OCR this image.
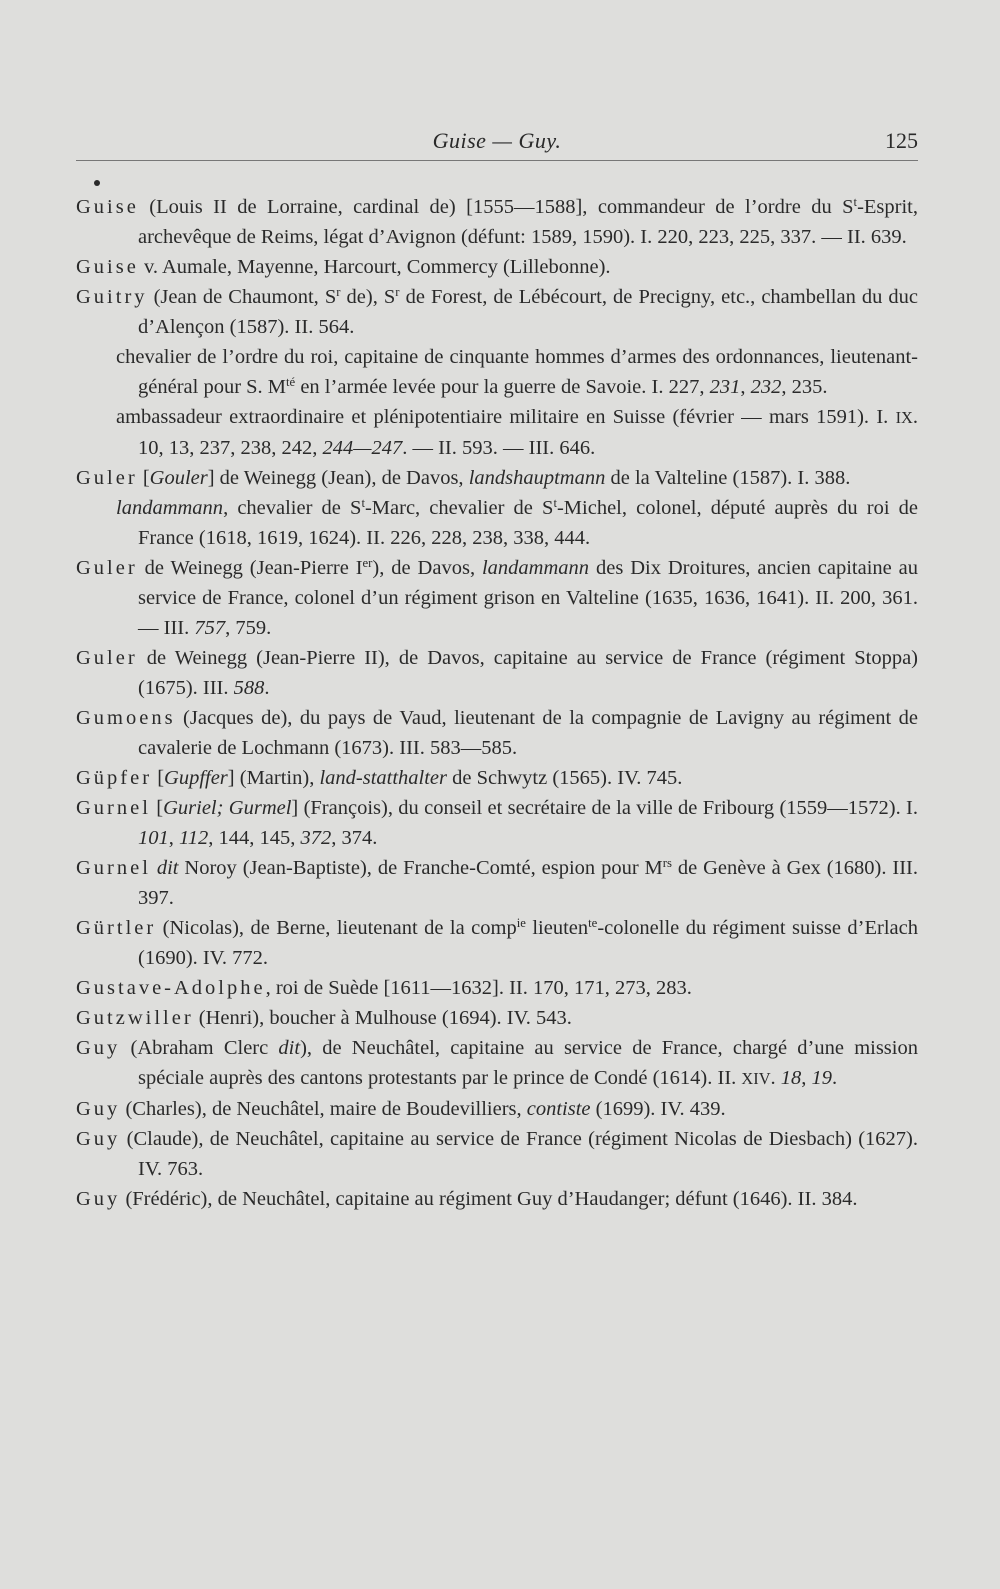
Guise — Guy.	125

Guise (Louis II de Lorraine, cardinal de) [1555—1588], commandeur de l’ordre du $S^t$-Esprit, archevêque de Reims, légat d’Avignon (défunt: 1589, 1590). I. 220, 223, 225, 337. — II. 639.

Guise v. Aumale, Mayenne, Harcourt, Commercy (Lillebonne).

Guitry (Jean de Chaumont, $S^r$ de), $S^r$ de Forest, de Lébécourt, de Precigny, etc., chambellan du duc d’Alençon (1587). II. 564.

chevalier de l’ordre du roi, capitaine de cinquante hommes d’armes des ordonnances, lieutenant-général pour S. $M^{té}$ en l’armée levée pour la guerre de Savoie. I. 227, 231, 232, 235.

ambassadeur extraordinaire et plénipotentiaire militaire en Suisse (février — mars 1591). I. IX. 10, 13, 237, 238, 242, 244—247. — II. 593. — III. 646.

Guler [Gouler] de Weinegg (Jean), de Davos, landshauptmann de la Valteline (1587). I. 388.

landammann, chevalier de $S^t$-Marc, chevalier de $S^t$-Michel, colonel, député auprès du roi de France (1618, 1619, 1624). II. 226, 228, 238, 338, 444.

Guler de Weinegg (Jean-Pierre Ier), de Davos, landammann des Dix Droitures, ancien capitaine au service de France, colonel d’un régiment grison en Valteline (1635, 1636, 1641). II. 200, 361. — III. 757, 759.

Guler de Weinegg (Jean-Pierre II), de Davos, capitaine au service de France (régiment Stoppa) (1675). III. 588.

Gumoens (Jacques de), du pays de Vaud, lieutenant de la compagnie de Lavigny au régiment de cavalerie de Lochmann (1673). III. 583—585.

Güpfer [Gupffer] (Martin), land-statthalter de Schwytz (1565). IV. 745.

Gurnel [Guriel; Gurmel] (François), du conseil et secrétaire de la ville de Fribourg (1559—1572). I. 101, 112, 144, 145, 372, 374.

Gurnel dit Noroy (Jean-Baptiste), de Franche-Comté, espion pour $M^{rs}$ de Genève à Gex (1680). III. 397.

Gürtler (Nicolas), de Berne, lieutenant de la comp$^{ie}$ lieuten$^{te}$-colonelle du régiment suisse d’Erlach (1690). IV. 772.

Gustave-Adolphe, roi de Suède [1611—1632]. II. 170, 171, 273, 283.

Gutzwiller (Henri), boucher à Mulhouse (1694). IV. 543.

Guy (Abraham Clerc dit), de Neuchâtel, capitaine au service de France, chargé d’une mission spéciale auprès des cantons protestants par le prince de Condé (1614). II. XIV. 18, 19.

Guy (Charles), de Neuchâtel, maire de Boudevilliers, contiste (1699). IV. 439.

Guy (Claude), de Neuchâtel, capitaine au service de France (régiment Nicolas de Diesbach) (1627). IV. 763.

Guy (Frédéric), de Neuchâtel, capitaine au régiment Guy d’Haudanger; défunt (1646). II. 384.
